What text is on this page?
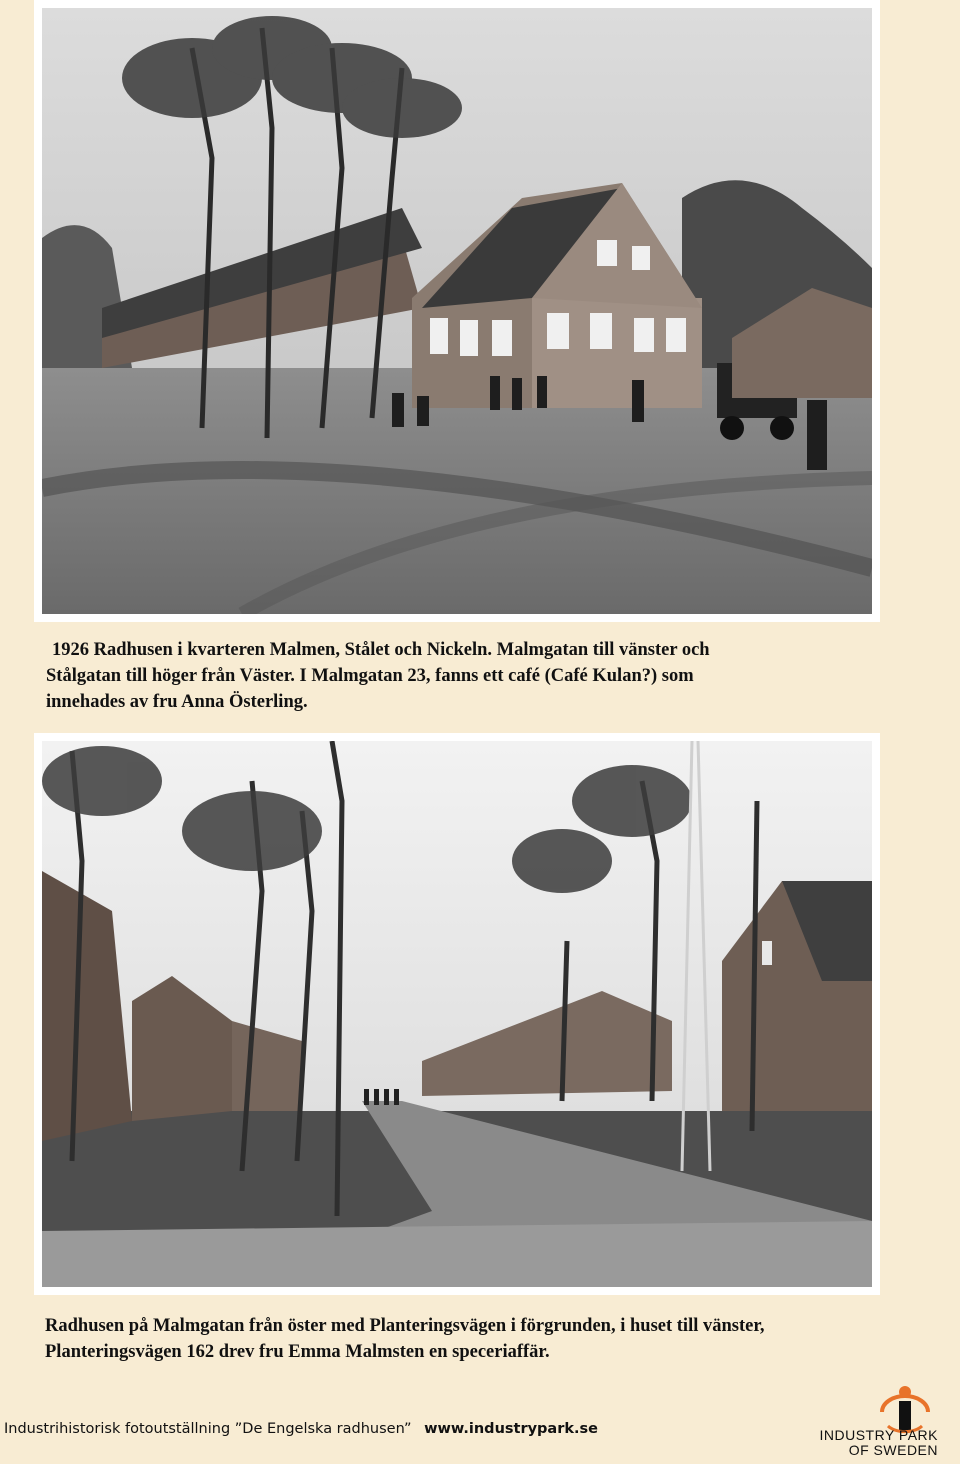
1926 Radhusen i kvarteren Malmen, Stålet och Nickeln. Malmgatan till vänster och
Stålgatan till höger från Väster. I Malmgatan 23, fanns ett café (Café Kulan?) som
innehades av fru Anna Österling.
Radhusen på Malmgatan från öster med Planteringsvägen i förgrunden, i huset till vänster,
Planteringsvägen 162 drev fru Emma Malmsten en speceriaffär.
Industrihistorisk fotoutställning ”De Engelska radhusen” www.industrypark.se	INDUSTRY PARK
OF SWEDEN
